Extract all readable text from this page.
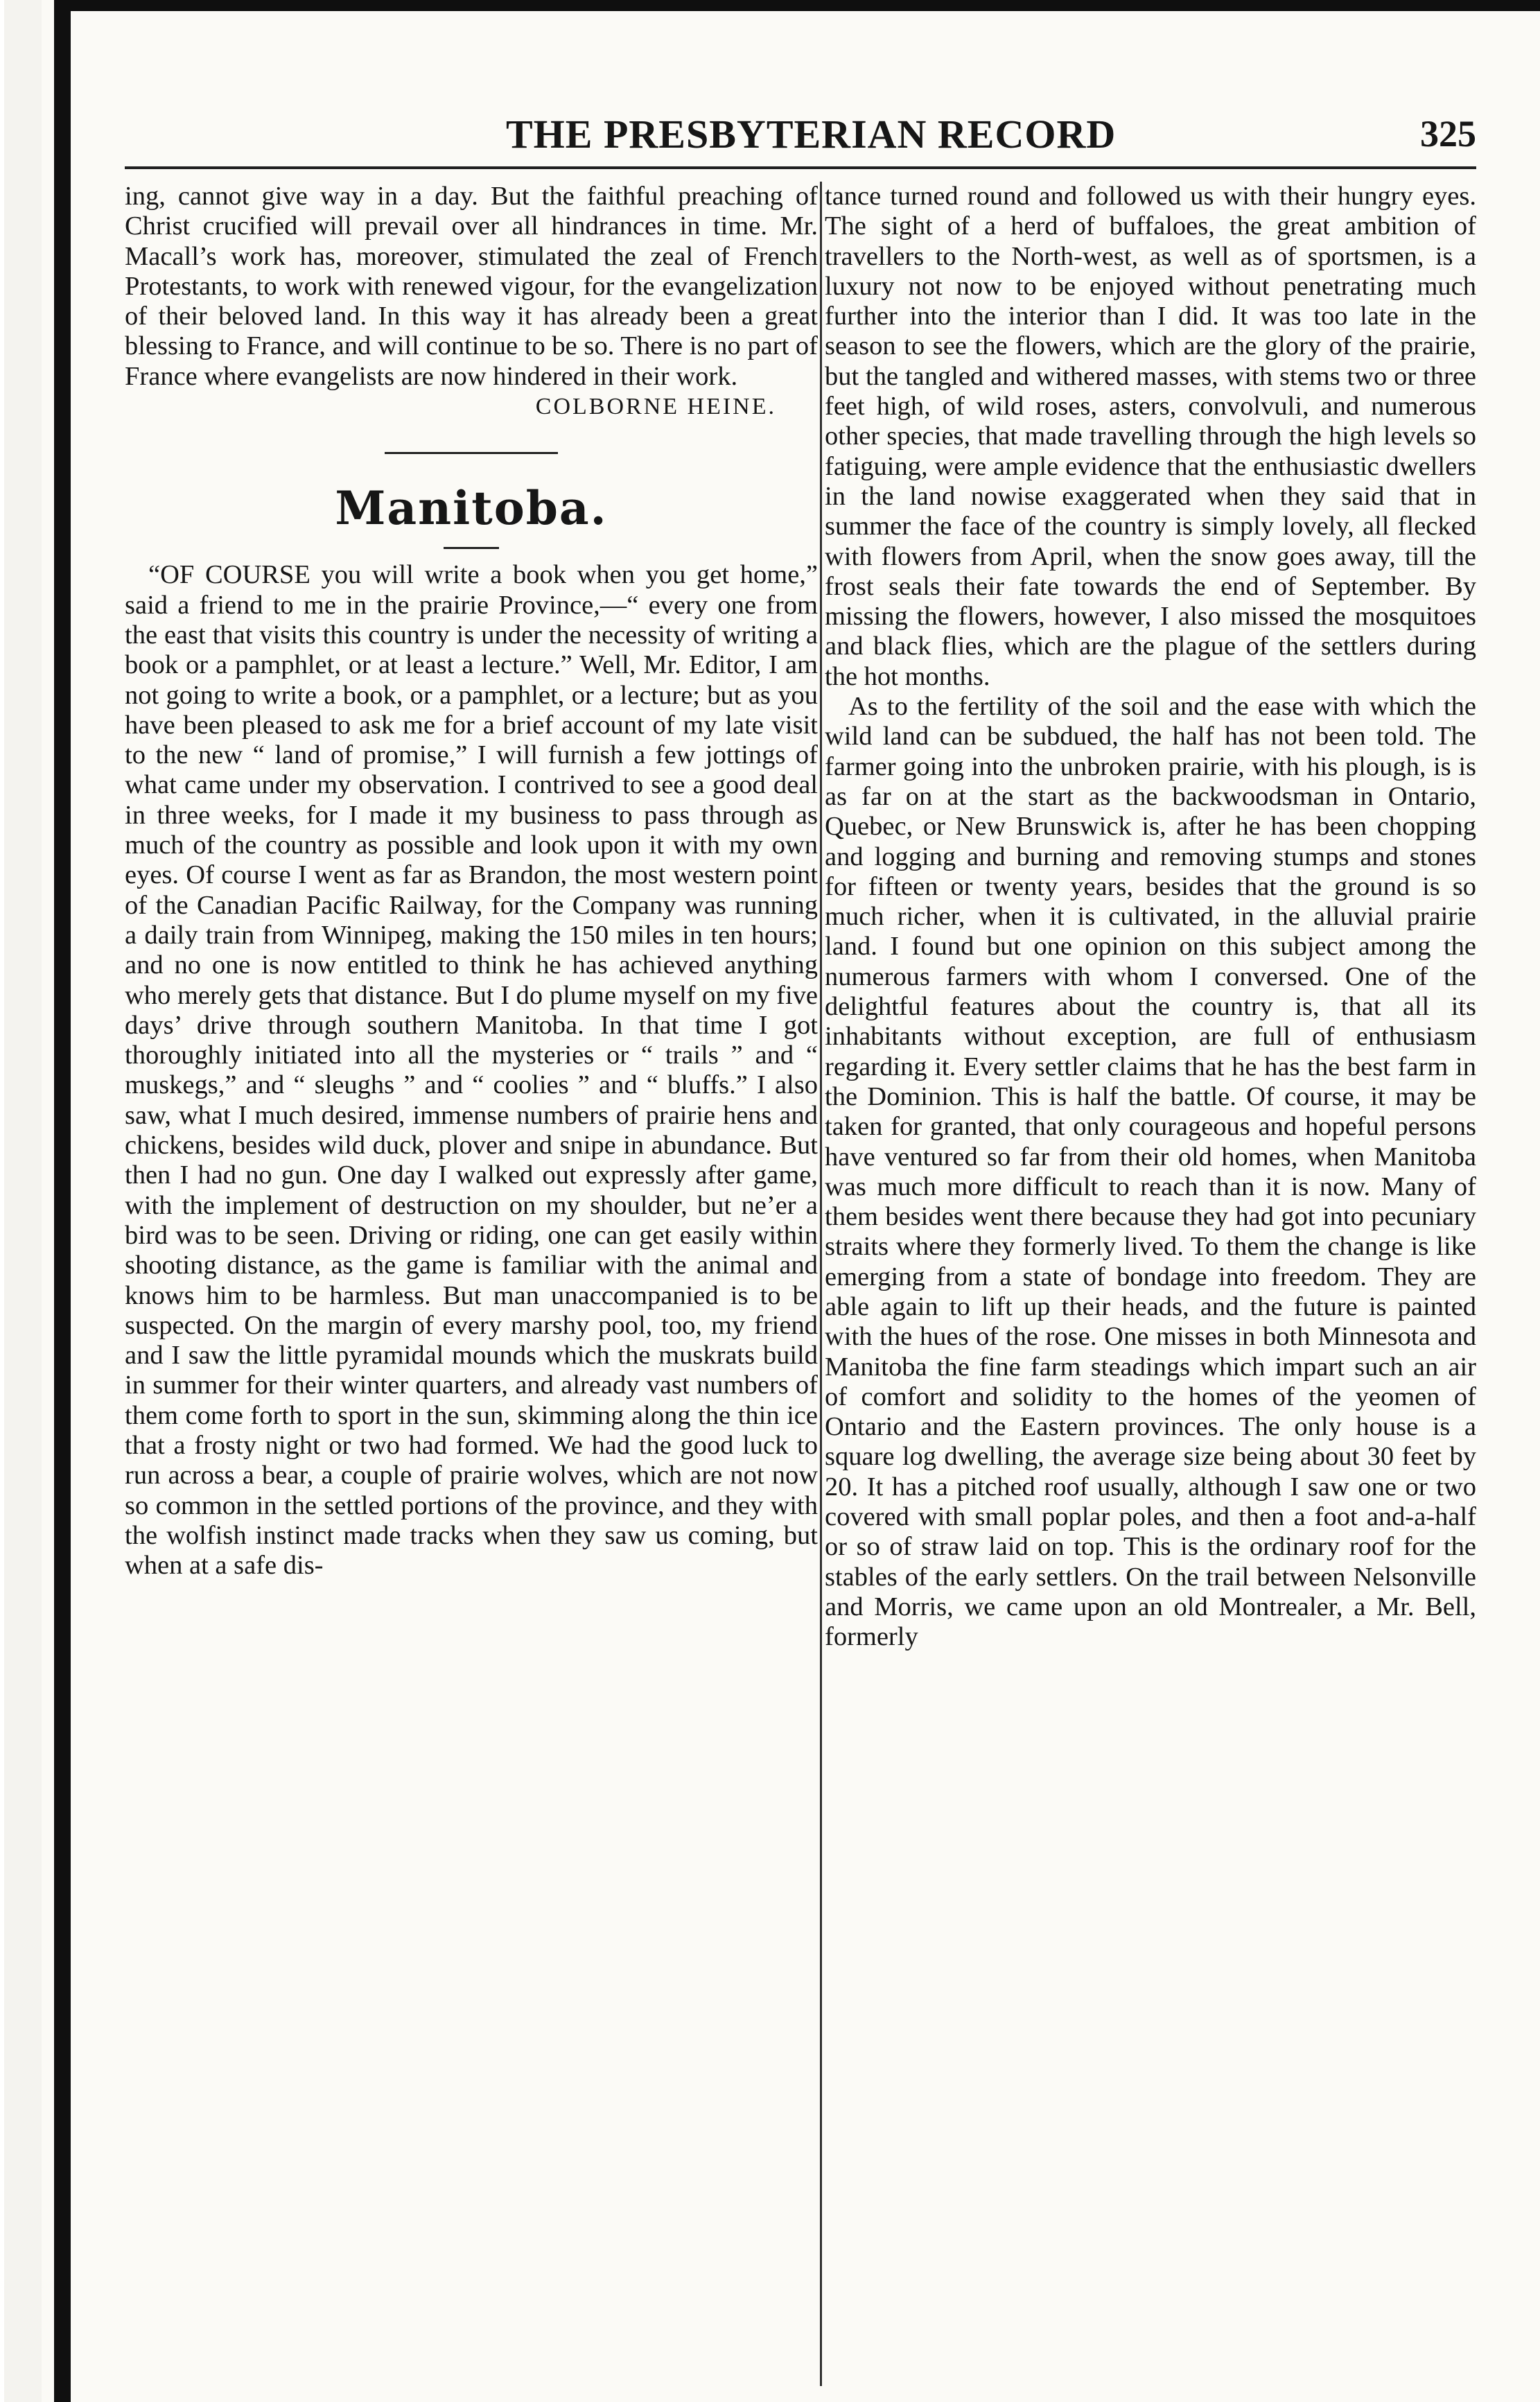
THE PRESBYTERIAN RECORD	325

ing, cannot give way in a day. But the faithful preaching of Christ crucified will prevail over all hindrances in time. Mr. Macall’s work has, moreover, stimulated the zeal of French Protestants, to work with renewed vigour, for the evangelization of their beloved land. In this way it has already been a great blessing to France, and will continue to be so. There is no part of France where evangelists are now hindered in their work.

COLBORNE HEINE.

Manitoba.

“OF COURSE you will write a book when you get home,” said a friend to me in the prairie Province,—“ every one from the east that visits this country is under the necessity of writing a book or a pamphlet, or at least a lecture.” Well, Mr. Editor, I am not going to write a book, or a pamphlet, or a lecture; but as you have been pleased to ask me for a brief account of my late visit to the new “ land of promise,” I will furnish a few jottings of what came under my observation. I contrived to see a good deal in three weeks, for I made it my business to pass through as much of the country as possible and look upon it with my own eyes. Of course I went as far as Brandon, the most western point of the Canadian Pacific Railway, for the Company was running a daily train from Winnipeg, making the 150 miles in ten hours; and no one is now entitled to think he has achieved anything who merely gets that distance. But I do plume myself on my five days’ drive through southern Manitoba. In that time I got thoroughly initiated into all the mysteries or “ trails ” and “ muskegs,” and “ sleughs ” and “ coolies ” and “ bluffs.” I also saw, what I much desired, immense numbers of prairie hens and chickens, besides wild duck, plover and snipe in abundance. But then I had no gun. One day I walked out expressly after game, with the implement of destruction on my shoulder, but ne’er a bird was to be seen. Driving or riding, one can get easily within shooting distance, as the game is familiar with the animal and knows him to be harmless. But man unaccompanied is to be suspected. On the margin of every marshy pool, too, my friend and I saw the little pyramidal mounds which the muskrats build in summer for their winter quarters, and already vast numbers of them come forth to sport in the sun, skimming along the thin ice that a frosty night or two had formed. We had the good luck to run across a bear, a couple of prairie wolves, which are not now so common in the settled portions of the province, and they with the wolfish instinct made tracks when they saw us coming, but when at a safe dis-

tance turned round and followed us with their hungry eyes. The sight of a herd of buffaloes, the great ambition of travellers to the North-west, as well as of sportsmen, is a luxury not now to be enjoyed without penetrating much further into the interior than I did. It was too late in the season to see the flowers, which are the glory of the prairie, but the tangled and withered masses, with stems two or three feet high, of wild roses, asters, convolvuli, and numerous other species, that made travelling through the high levels so fatiguing, were ample evidence that the enthusiastic dwellers in the land nowise exaggerated when they said that in summer the face of the country is simply lovely, all flecked with flowers from April, when the snow goes away, till the frost seals their fate towards the end of September. By missing the flowers, however, I also missed the mosquitoes and black flies, which are the plague of the settlers during the hot months.

As to the fertility of the soil and the ease with which the wild land can be subdued, the half has not been told. The farmer going into the unbroken prairie, with his plough, is is as far on at the start as the backwoodsman in Ontario, Quebec, or New Brunswick is, after he has been chopping and logging and burning and removing stumps and stones for fifteen or twenty years, besides that the ground is so much richer, when it is cultivated, in the alluvial prairie land. I found but one opinion on this subject among the numerous farmers with whom I conversed. One of the delightful features about the country is, that all its inhabitants without exception, are full of enthusiasm regarding it. Every settler claims that he has the best farm in the Dominion. This is half the battle. Of course, it may be taken for granted, that only courageous and hopeful persons have ventured so far from their old homes, when Manitoba was much more difficult to reach than it is now. Many of them besides went there because they had got into pecuniary straits where they formerly lived. To them the change is like emerging from a state of bondage into freedom. They are able again to lift up their heads, and the future is painted with the hues of the rose. One misses in both Minnesota and Manitoba the fine farm steadings which impart such an air of comfort and solidity to the homes of the yeomen of Ontario and the Eastern provinces. The only house is a square log dwelling, the average size being about 30 feet by 20. It has a pitched roof usually, although I saw one or two covered with small poplar poles, and then a foot and-a-half or so of straw laid on top. This is the ordinary roof for the stables of the early settlers. On the trail between Nelsonville and Morris, we came upon an old Montrealer, a Mr. Bell, formerly
